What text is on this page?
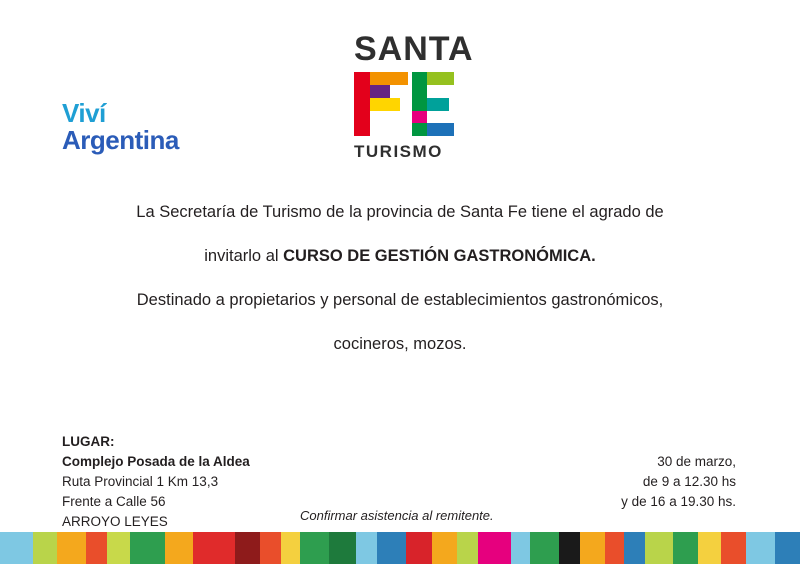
Viví
Argentina
SANTA
TURISMO
La Secretaría de Turismo de la provincia de Santa Fe tiene el agrado de
invitarlo al CURSO DE GESTIÓN GASTRONÓMICA.
Destinado a propietarios y personal de establecimientos gastronómicos,
cocineros, mozos.
LUGAR:
Complejo Posada de la Aldea
Ruta Provincial 1 Km 13,3
Frente a Calle 56
ARROYO LEYES	Confirmar asistencia al remitente.
30 de marzo,
de 9 a 12.30 hs
y de 16 a 19.30 hs.
